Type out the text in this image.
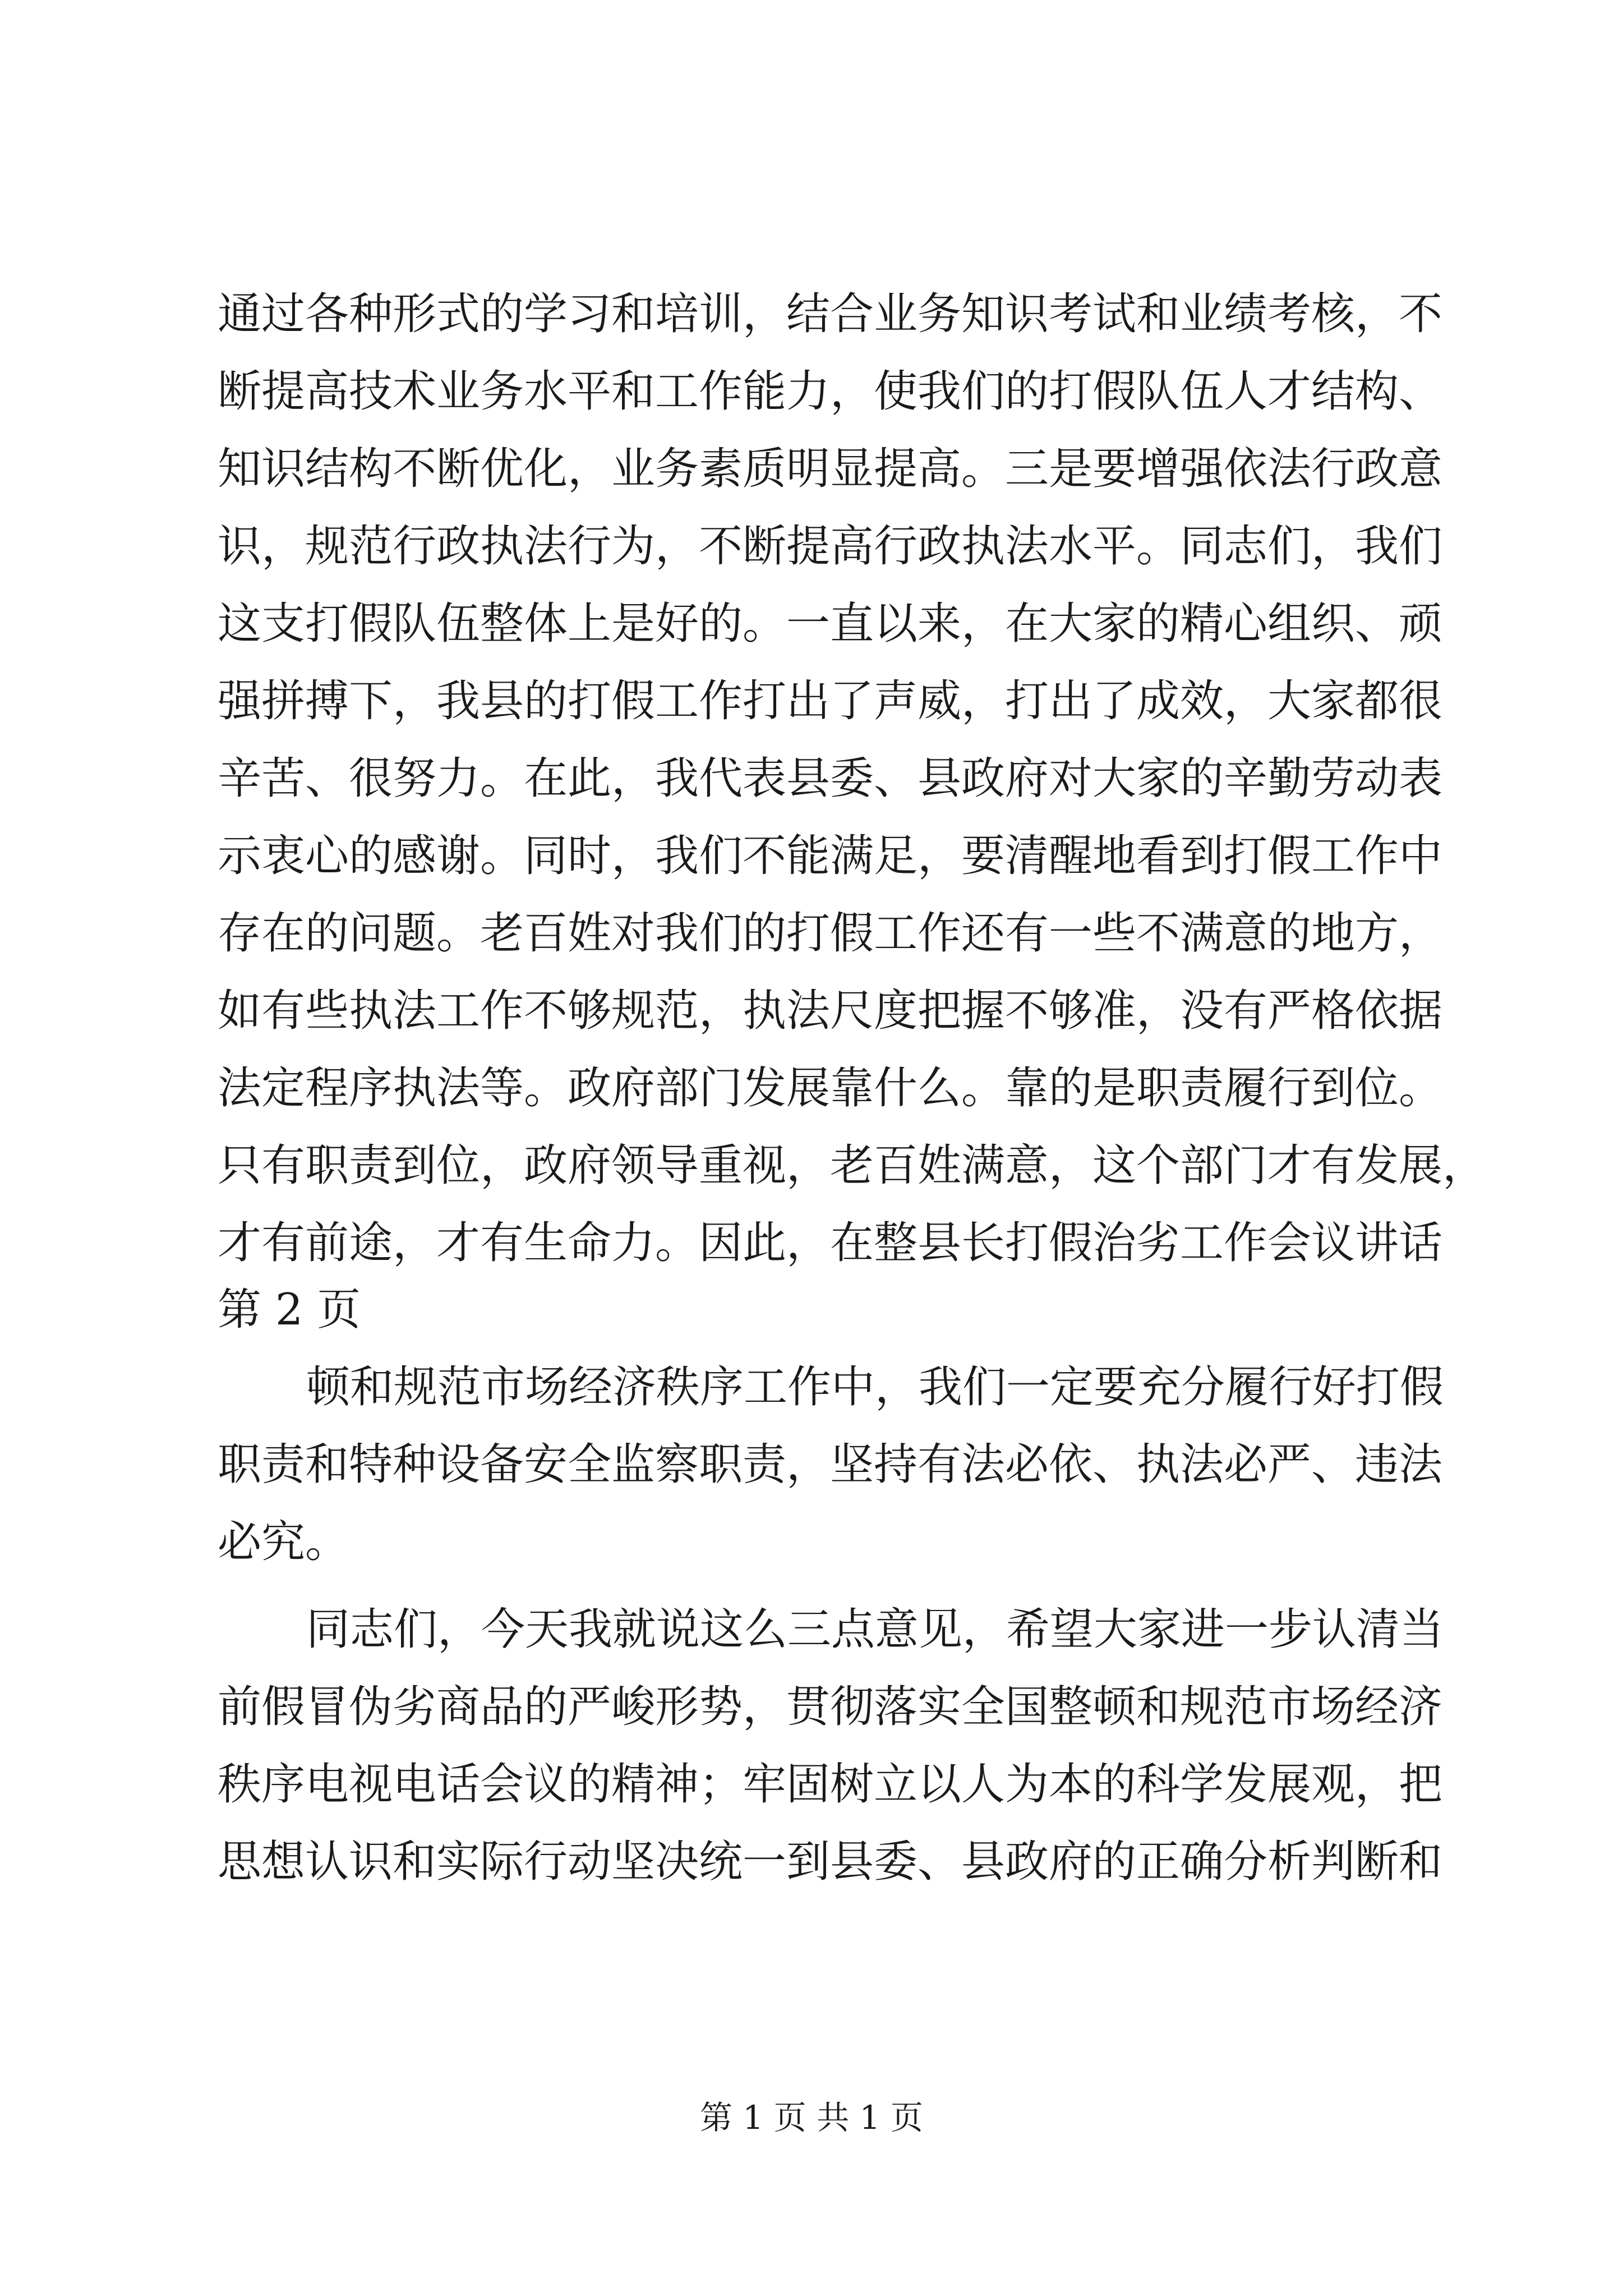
通过各种形式的学习和培训，结合业务知识考试和业绩考核，不
断提高技术业务水平和工作能力，使我们的打假队伍人才结构、
知识结构不断优化，业务素质明显提高。三是要增强依法行政意
识，规范行政执法行为，不断提高行政执法水平。同志们，我们
这支打假队伍整体上是好的。一直以来，在大家的精心组织、顽
强拼搏下，我县的打假工作打出了声威，打出了成效，大家都很
辛苦、很努力。在此，我代表县委、县政府对大家的辛勤劳动表
示衷心的感谢。同时，我们不能满足，要清醒地看到打假工作中
存在的问题。老百姓对我们的打假工作还有一些不满意的地方，
如有些执法工作不够规范，执法尺度把握不够准，没有严格依据
法定程序执法等。政府部门发展靠什么。靠的是职责履行到位。
只有职责到位，政府领导重视，老百姓满意，这个部门才有发展，
才有前途，才有生命力。因此，在整县长打假治劣工作会议讲话
第 2 页
顿和规范市场经济秩序工作中，我们一定要充分履行好打假
职责和特种设备安全监察职责，坚持有法必依、执法必严、违法
必究。
同志们，今天我就说这么三点意见，希望大家进一步认清当
前假冒伪劣商品的严峻形势，贯彻落实全国整顿和规范市场经济
秩序电视电话会议的精神；牢固树立以人为本的科学发展观，把
思想认识和实际行动坚决统一到县委、县政府的正确分析判断和
第 1 页 共 1 页
